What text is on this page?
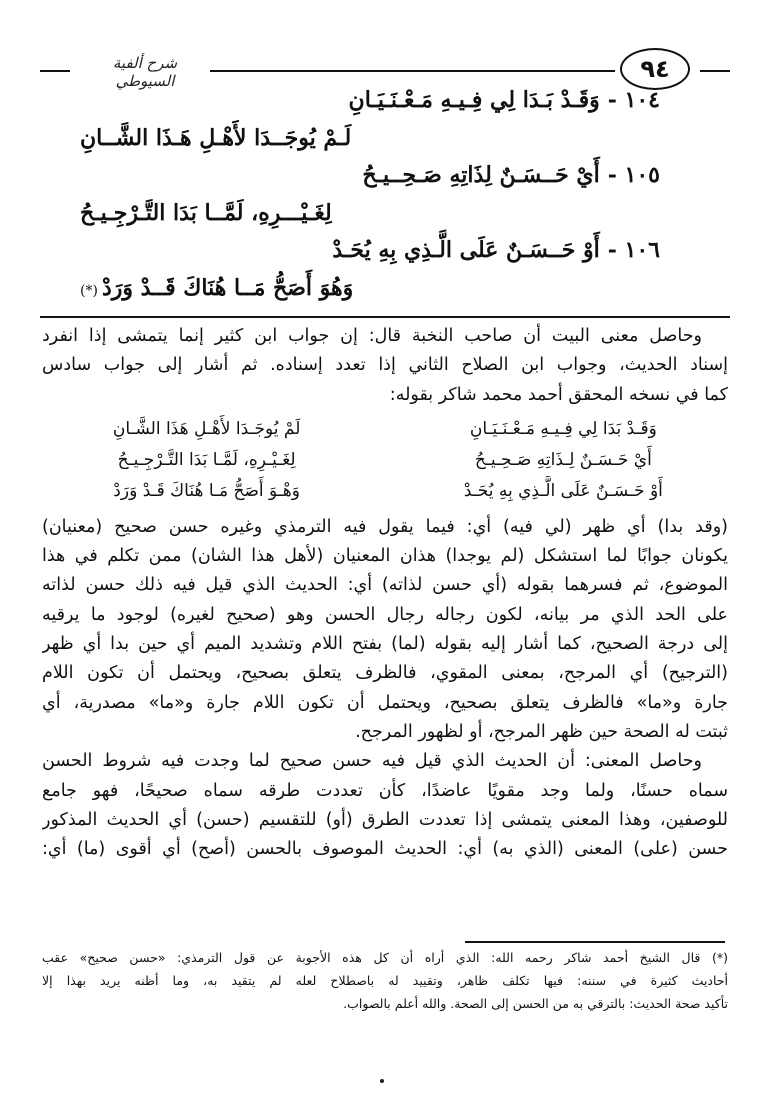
شرح ألفية السيوطي	٩٤
١٠٤ -وَقَـدْ بَـدَا لِي فِـيـهِ مَـعْـنَـيَـانِ
لَـمْ يُوجَــدَا لأَهْـلِ هَـذَا الشَّــانِ
١٠٥ -أَيْ حَــسَـنٌ لِذَاتِهِ صَـحِــيـحُ
لِغَـيْـــرِهِ، لَمَّــا بَدَا التَّـرْجِـيـحُ
١٠٦ -أَوْ حَــسَـنٌ عَلَى الَّـذِي بِهِ يُحَـدْ
وَهُوَ أَصَحُّ مَــا هُنَاكَ قَــدْ وَرَدْ(*)
وحاصل معنى البيت أن صاحب النخبة قال: إن جواب ابن كثير إنما يتمشى إذا انفرد
إسناد الحديث، وجواب ابن الصلاح الثاني إذا تعدد إسناده. ثم أشار إلى جواب سادس
كما في نسخه المحقق أحمد محمد شاكر بقوله:
وَقَـدْ بَدَا لِي فِـيـهِ مَـعْـنَـيَـانِ
لَمْ يُوجَـدَا لأَهْـلِ هَذَا الشَّـانِ
أَيْ حَـسَـنٌ لِـذَاتِهِ صَـحِـيـحُ
لِغَـيْـرِهِ، لَمَّـا بَدَا التَّـرْجِـيـحُ
أَوْ حَـسَـنٌ عَلَى الَّـذِي بِهِ يُحَـدْ
وَهْـوَ أَصَحُّ مَـا هُنَاكَ قَـدْ وَرَدْ
(وقد بدا) أي ظهر (لي فيه) أي: فيما يقول فيه الترمذي وغيره حسن صحيح (معنيان)
يكونان جوابًا لما استشكل (لم يوجدا) هذان المعنيان (لأهل هذا الشان) ممن تكلم في هذا
الموضوع، ثم فسرهما بقوله (أي حسن لذاته) أي: الحديث الذي قيل فيه ذلك حسن لذاته
على الحد الذي مر بيانه، لكون رجاله رجال الحسن وهو (صحيح لغيره) لوجود ما يرقيه
إلى درجة الصحيح، كما أشار إليه بقوله (لما) بفتح اللام وتشديد الميم أي حين بدا أي ظهر
(الترجيح) أي المرجح، بمعنى المقوي، فالظرف يتعلق بصحيح، ويحتمل أن تكون اللام
جارة و«ما» فالظرف يتعلق بصحيح، ويحتمل أن تكون اللام جارة و«ما» مصدرية، أي
ثبتت له الصحة حين ظهر المرجح، أو لظهور المرجح.
وحاصل المعنى: أن الحديث الذي قيل فيه حسن صحيح لما وجدت فيه شروط الحسن
سماه حسنًا، ولما وجد مقويًا عاضدًا، كأن تعددت طرقه سماه صحيحًا، فهو جامع
للوصفين، وهذا المعنى يتمشى إذا تعددت الطرق (أو) للتقسيم (حسن) أي الحديث المذكور
حسن (على) المعنى (الذي به) أي: الحديث الموصوف بالحسن (أصح) أي أقوى (ما) أي:
(*) قال الشيخ أحمد شاكر رحمه الله: الذي أراه أن كل هذه الأجوبة عن قول الترمذي: «حسن صحيح» عقب
أحاديث كثيرة في سننه: فيها تكلف ظاهر، وتقييد له باصطلاح لعله لم يتقيد به، وما أظنه يريد بهذا إلا
تأكيد صحة الحديث: بالترقي به من الحسن إلى الصحة. والله أعلم بالصواب.
